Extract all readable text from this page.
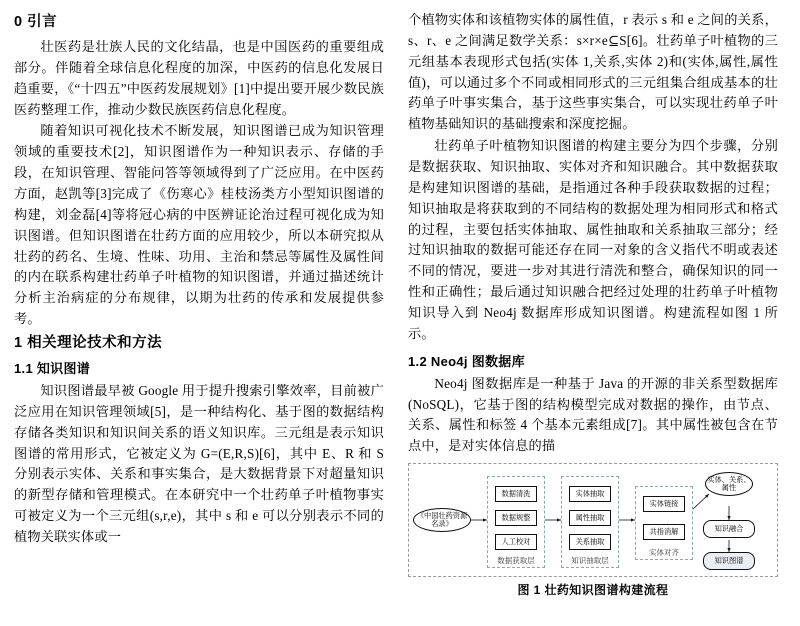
0 引言

壮医药是壮族人民的文化结晶，也是中国医药的重要组成部分。伴随着全球信息化程度的加深，中医药的信息化发展日趋重要，《“十四五”中医药发展规划》[1]中提出要开展少数民族医药整理工作，推动少数民族医药信息化程度。

随着知识可视化技术不断发展，知识图谱已成为知识管理领域的重要技术[2]，知识图谱作为一种知识表示、存储的手段，在知识管理、智能问答等领域得到了广泛应用。在中医药方面，赵凯等[3]完成了《伤寒心》桂枝汤类方小型知识图谱的构建，刘金磊[4]等将冠心病的中医辨证论治过程可视化成为知识图谱。但知识图谱在壮药方面的应用较少，所以本研究拟从壮药的药名、生境、性味、功用、主治和禁忌等属性及属性间的内在联系构建壮药单子叶植物的知识图谱，并通过描述统计分析主治病症的分布规律，以期为壮药的传承和发展提供参考。

1 相关理论技术和方法
1.1 知识图谱

知识图谱最早被 Google 用于提升搜索引擎效率，目前被广泛应用在知识管理领域[5]，是一种结构化、基于图的数据结构存储各类知识和知识间关系的语义知识库。三元组是表示知识图谱的常用形式，它被定义为 G=(E,R,S)[6]，其中 E、R 和 S 分别表示实体、关系和事实集合，是大数据背景下对超量知识的新型存储和管理模式。在本研究中一个壮药单子叶植物事实可被定义为一个三元组(s,r,e)，其中 s 和 e 可以分别表示不同的植物关联实体或一

个植物实体和该植物实体的属性值，r 表示 s 和 e 之间的关系，s、r、e 之间满足数学关系：s×r×e⊆S[6]。壮药单子叶植物的三元组基本表现形式包括(实体 1,关系,实体 2)和(实体,属性,属性值)，可以通过多个不同或相同形式的三元组集合组成基本的壮药单子叶事实集合，基于这些事实集合，可以实现壮药单子叶植物基础知识的基础搜索和深度挖掘。

壮药单子叶植物知识图谱的构建主要分为四个步骤，分别是数据获取、知识抽取、实体对齐和知识融合。其中数据获取是构建知识图谱的基础，是指通过各种手段获取数据的过程；知识抽取是将获取到的不同结构的数据处理为相同形式和格式的过程，主要包括实体抽取、属性抽取和关系抽取三部分；经过知识抽取的数据可能还存在同一对象的含义指代不明或表述不同的情况，要进一步对其进行清洗和整合，确保知识的同一性和正确性；最后通过知识融合把经过处理的壮药单子叶植物知识导入到 Neo4j 数据库形成知识图谱。构建流程如图 1 所示。

1.2 Neo4j 图数据库

Neo4j 图数据库是一种基于 Java 的开源的非关系型数据库(NoSQL)，它基于图的结构模型完成对数据的操作，由节点、关系、属性和标签 4 个基本元素组成[7]。其中属性被包含在节点中，是对实体信息的描

数据获取层	知识抽取层
实体对齐
《中国壮药资源名录》
数据清洗
数据规整
人工校对
实体抽取
属性抽取
关系抽取
实体链接
共指消解
实体、关系、属性
知识融合
知识图谱
图 1 壮药知识图谱构建流程
